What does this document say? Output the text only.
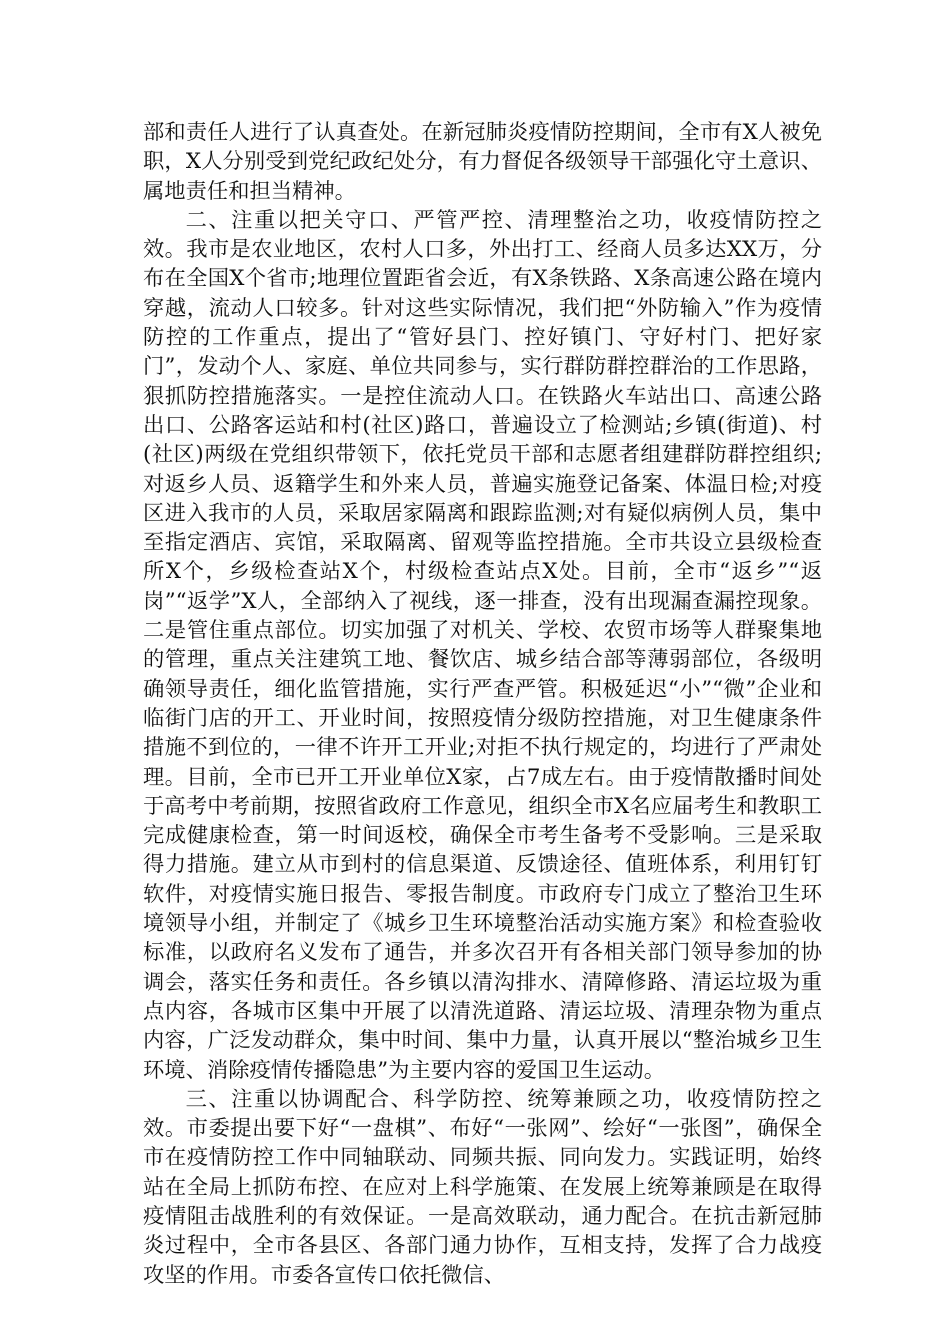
部和责任人进行了认真查处。在新冠肺炎疫情防控期间，全市有X人被免职，X人分别受到党纪政纪处分，有力督促各级领导干部强化守土意识、属地责任和担当精神。

二、注重以把关守口、严管严控、清理整治之功，收疫情防控之效。我市是农业地区，农村人口多，外出打工、经商人员多达XX万，分布在全国X个省市;地理位置距省会近，有X条铁路、X条高速公路在境内穿越，流动人口较多。针对这些实际情况，我们把“外防输入”作为疫情防控的工作重点，提出了“管好县门、控好镇门、守好村门、把好家门”，发动个人、家庭、单位共同参与，实行群防群控群治的工作思路，狠抓防控措施落实。一是控住流动人口。在铁路火车站出口、高速公路出口、公路客运站和村(社区)路口，普遍设立了检测站;乡镇(街道)、村(社区)两级在党组织带领下，依托党员干部和志愿者组建群防群控组织;对返乡人员、返籍学生和外来人员，普遍实施登记备案、体温日检;对疫区进入我市的人员，采取居家隔离和跟踪监测;对有疑似病例人员，集中至指定酒店、宾馆，采取隔离、留观等监控措施。全市共设立县级检查所X个，乡级检查站X个，村级检查站点X处。目前，全市“返乡”“返岗”“返学”X人，全部纳入了视线，逐一排查，没有出现漏查漏控现象。二是管住重点部位。切实加强了对机关、学校、农贸市场等人群聚集地的管理，重点关注建筑工地、餐饮店、城乡结合部等薄弱部位，各级明确领导责任，细化监管措施，实行严查严管。积极延迟“小”“微”企业和临街门店的开工、开业时间，按照疫情分级防控措施，对卫生健康条件措施不到位的，一律不许开工开业;对拒不执行规定的，均进行了严肃处理。目前，全市已开工开业单位X家，占7成左右。由于疫情散播时间处于高考中考前期，按照省政府工作意见，组织全市X名应届考生和教职工完成健康检查，第一时间返校，确保全市考生备考不受影响。三是采取得力措施。建立从市到村的信息渠道、反馈途径、值班体系，利用钉钉软件，对疫情实施日报告、零报告制度。市政府专门成立了整治卫生环境领导小组，并制定了《城乡卫生环境整治活动实施方案》和检查验收标准，以政府名义发布了通告，并多次召开有各相关部门领导参加的协调会，落实任务和责任。各乡镇以清沟排水、清障修路、清运垃圾为重点内容，各城市区集中开展了以清洗道路、清运垃圾、清理杂物为重点内容，广泛发动群众，集中时间、集中力量，认真开展以“整治城乡卫生环境、消除疫情传播隐患”为主要内容的爱国卫生运动。

三、注重以协调配合、科学防控、统筹兼顾之功，收疫情防控之效。市委提出要下好“一盘棋”、布好“一张网”、绘好“一张图”，确保全市在疫情防控工作中同轴联动、同频共振、同向发力。实践证明，始终站在全局上抓防布控、在应对上科学施策、在发展上统筹兼顾是在取得疫情阻击战胜利的有效保证。一是高效联动，通力配合。在抗击新冠肺炎过程中，全市各县区、各部门通力协作，互相支持，发挥了合力战疫攻坚的作用。市委各宣传口依托微信、
